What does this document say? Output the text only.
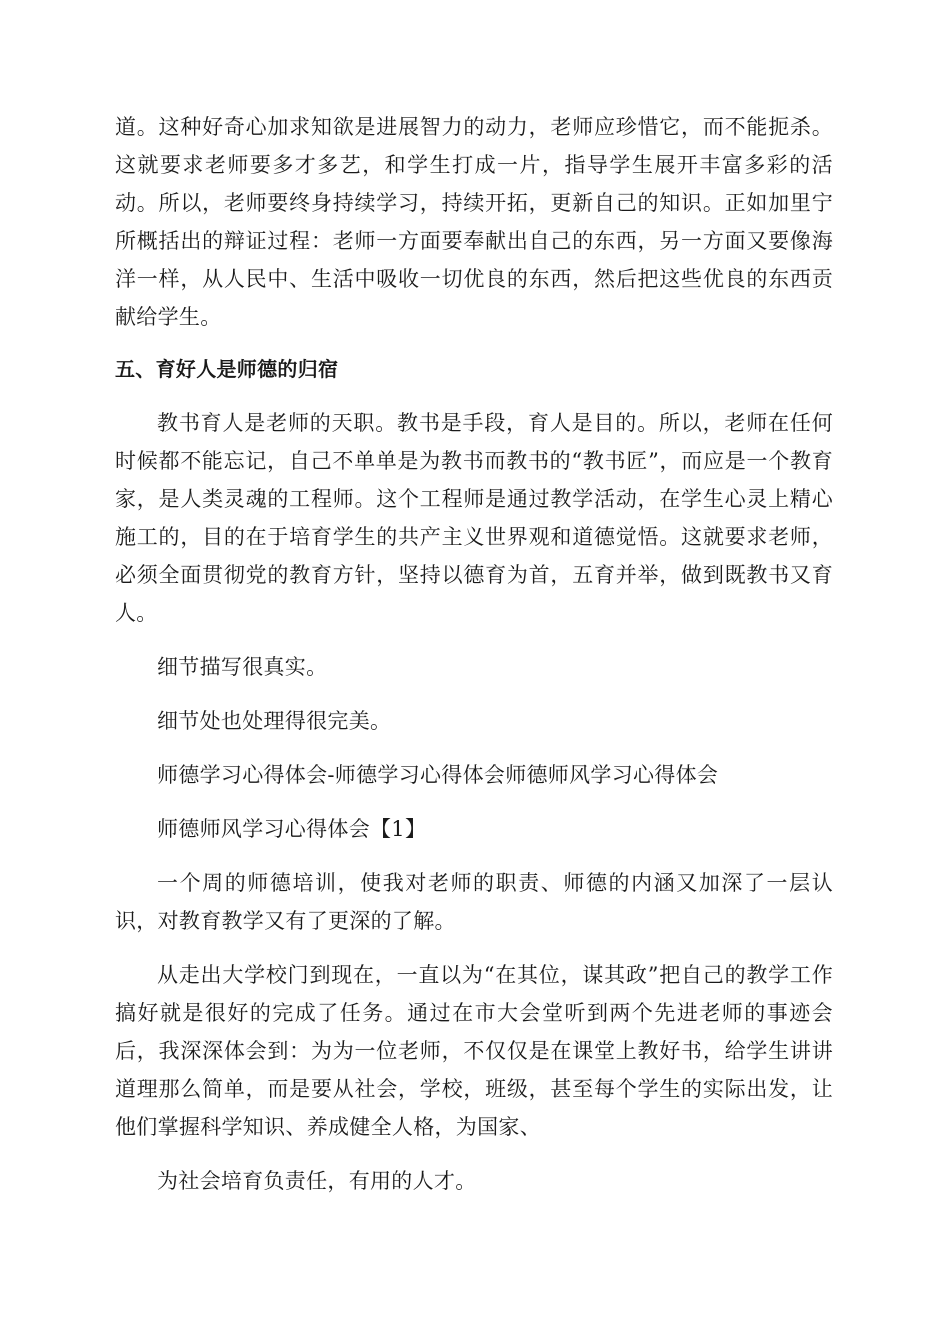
道。这种好奇心加求知欲是进展智力的动力，老师应珍惜它，而不能扼杀。这就要求老师要多才多艺，和学生打成一片，指导学生展开丰富多彩的活动。所以，老师要终身持续学习，持续开拓，更新自己的知识。正如加里宁所概括出的辩证过程：老师一方面要奉献出自己的东西，另一方面又要像海洋一样，从人民中、生活中吸收一切优良的东西，然后把这些优良的东西贡献给学生。

五、育好人是师德的归宿

教书育人是老师的天职。教书是手段，育人是目的。所以，老师在任何时候都不能忘记，自己不单单是为教书而教书的“教书匠”，而应是一个教育家，是人类灵魂的工程师。这个工程师是通过教学活动，在学生心灵上精心施工的，目的在于培育学生的共产主义世界观和道德觉悟。这就要求老师，必须全面贯彻党的教育方针，坚持以德育为首，五育并举，做到既教书又育人。

细节描写很真实。

细节处也处理得很完美。

师德学习心得体会-师德学习心得体会师德师风学习心得体会

师德师风学习心得体会【1】

一个周的师德培训，使我对老师的职责、师德的内涵又加深了一层认识，对教育教学又有了更深的了解。

从走出大学校门到现在，一直以为“在其位，谋其政”把自己的教学工作搞好就是很好的完成了任务。通过在市大会堂听到两个先进老师的事迹会后，我深深体会到：为为一位老师，不仅仅是在课堂上教好书，给学生讲讲道理那么简单，而是要从社会，学校，班级，甚至每个学生的实际出发，让他们掌握科学知识、养成健全人格，为国家、

为社会培育负责任，有用的人才。
